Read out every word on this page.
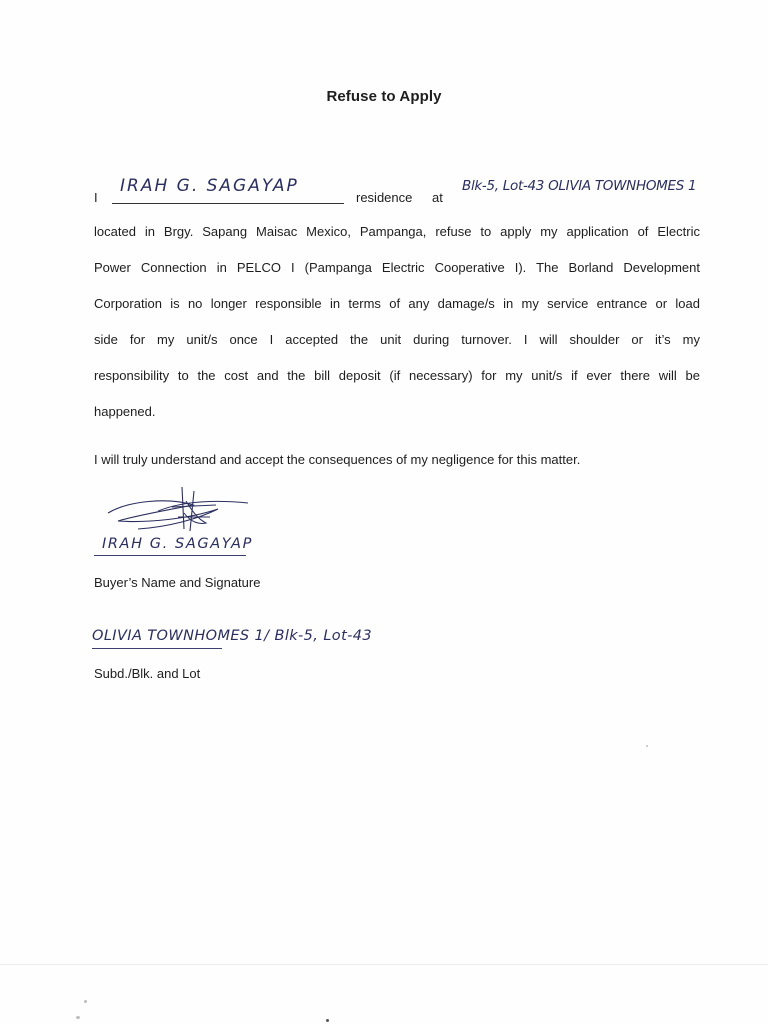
Refuse to Apply
I
IRAH G. SAGAYAP
residence at
Blk-5, Lot-43 OLIVIA TOWNHOMES 1
located in Brgy. Sapang Maisac Mexico, Pampanga, refuse to apply my application of Electric
Power Connection in PELCO I (Pampanga Electric Cooperative I). The Borland Development
Corporation is no longer responsible in terms of any damage/s in my service entrance or load
side for my unit/s once I accepted the unit during turnover. I will shoulder or it’s my
responsibility to the cost and the bill deposit (if necessary) for my unit/s if ever there will be
happened.
I will truly understand and accept the consequences of my negligence for this matter.
IRAH G. SAGAYAP
Buyer’s Name and Signature
OLIVIA TOWNHOMES 1/ Blk-5, Lot-43
Subd./Blk. and Lot
